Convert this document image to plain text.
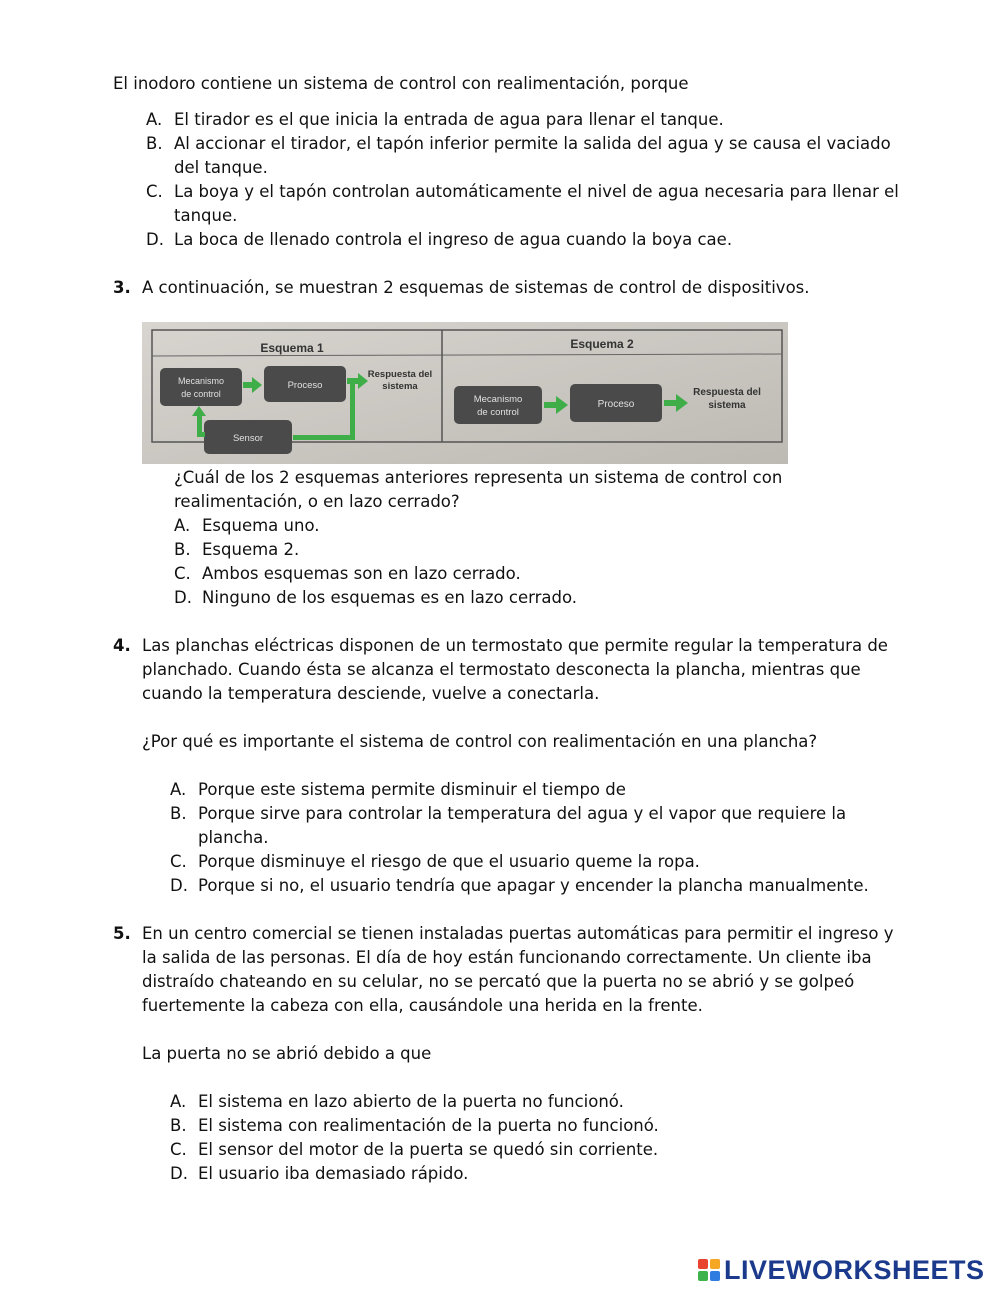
El inodoro contiene un sistema de control con realimentación, porque
A. El tirador es el que inicia la entrada de agua para llenar el tanque.
B. Al accionar el tirador, el tapón inferior permite la salida del agua y se causa el vaciado
del tanque.
C. La boya y el tapón controlan automáticamente el nivel de agua necesaria para llenar el
tanque.
D. La boca de llenado controla el ingreso de agua cuando la boya cae.
3. A continuación, se muestran 2 esquemas de sistemas de control de dispositivos.
Esquema 1	Esquema 2
Mecanismo
de control
Proceso
Sensor
Respuesta del
sistema
Mecanismo
de control
Proceso
Respuesta del
sistema
¿Cuál de los 2 esquemas anteriores representa un sistema de control con
realimentación, o en lazo cerrado?
A. Esquema uno.
B. Esquema 2.
C. Ambos esquemas son en lazo cerrado.
D. Ninguno de los esquemas es en lazo cerrado.
4. Las planchas eléctricas disponen de un termostato que permite regular la temperatura de
planchado. Cuando ésta se alcanza el termostato desconecta la plancha, mientras que
cuando la temperatura desciende, vuelve a conectarla.
¿Por qué es importante el sistema de control con realimentación en una plancha?
A. Porque este sistema permite disminuir el tiempo de
B. Porque sirve para controlar la temperatura del agua y el vapor que requiere la
plancha.
C. Porque disminuye el riesgo de que el usuario queme la ropa.
D. Porque si no, el usuario tendría que apagar y encender la plancha manualmente.
5. En un centro comercial se tienen instaladas puertas automáticas para permitir el ingreso y
la salida de las personas. El día de hoy están funcionando correctamente. Un cliente iba
distraído chateando en su celular, no se percató que la puerta no se abrió y se golpeó
fuertemente la cabeza con ella, causándole una herida en la frente.
La puerta no se abrió debido a que
A. El sistema en lazo abierto de la puerta no funcionó.
B. El sistema con realimentación de la puerta no funcionó.
C. El sensor del motor de la puerta se quedó sin corriente.
D. El usuario iba demasiado rápido.
LIVEWORKSHEETS
